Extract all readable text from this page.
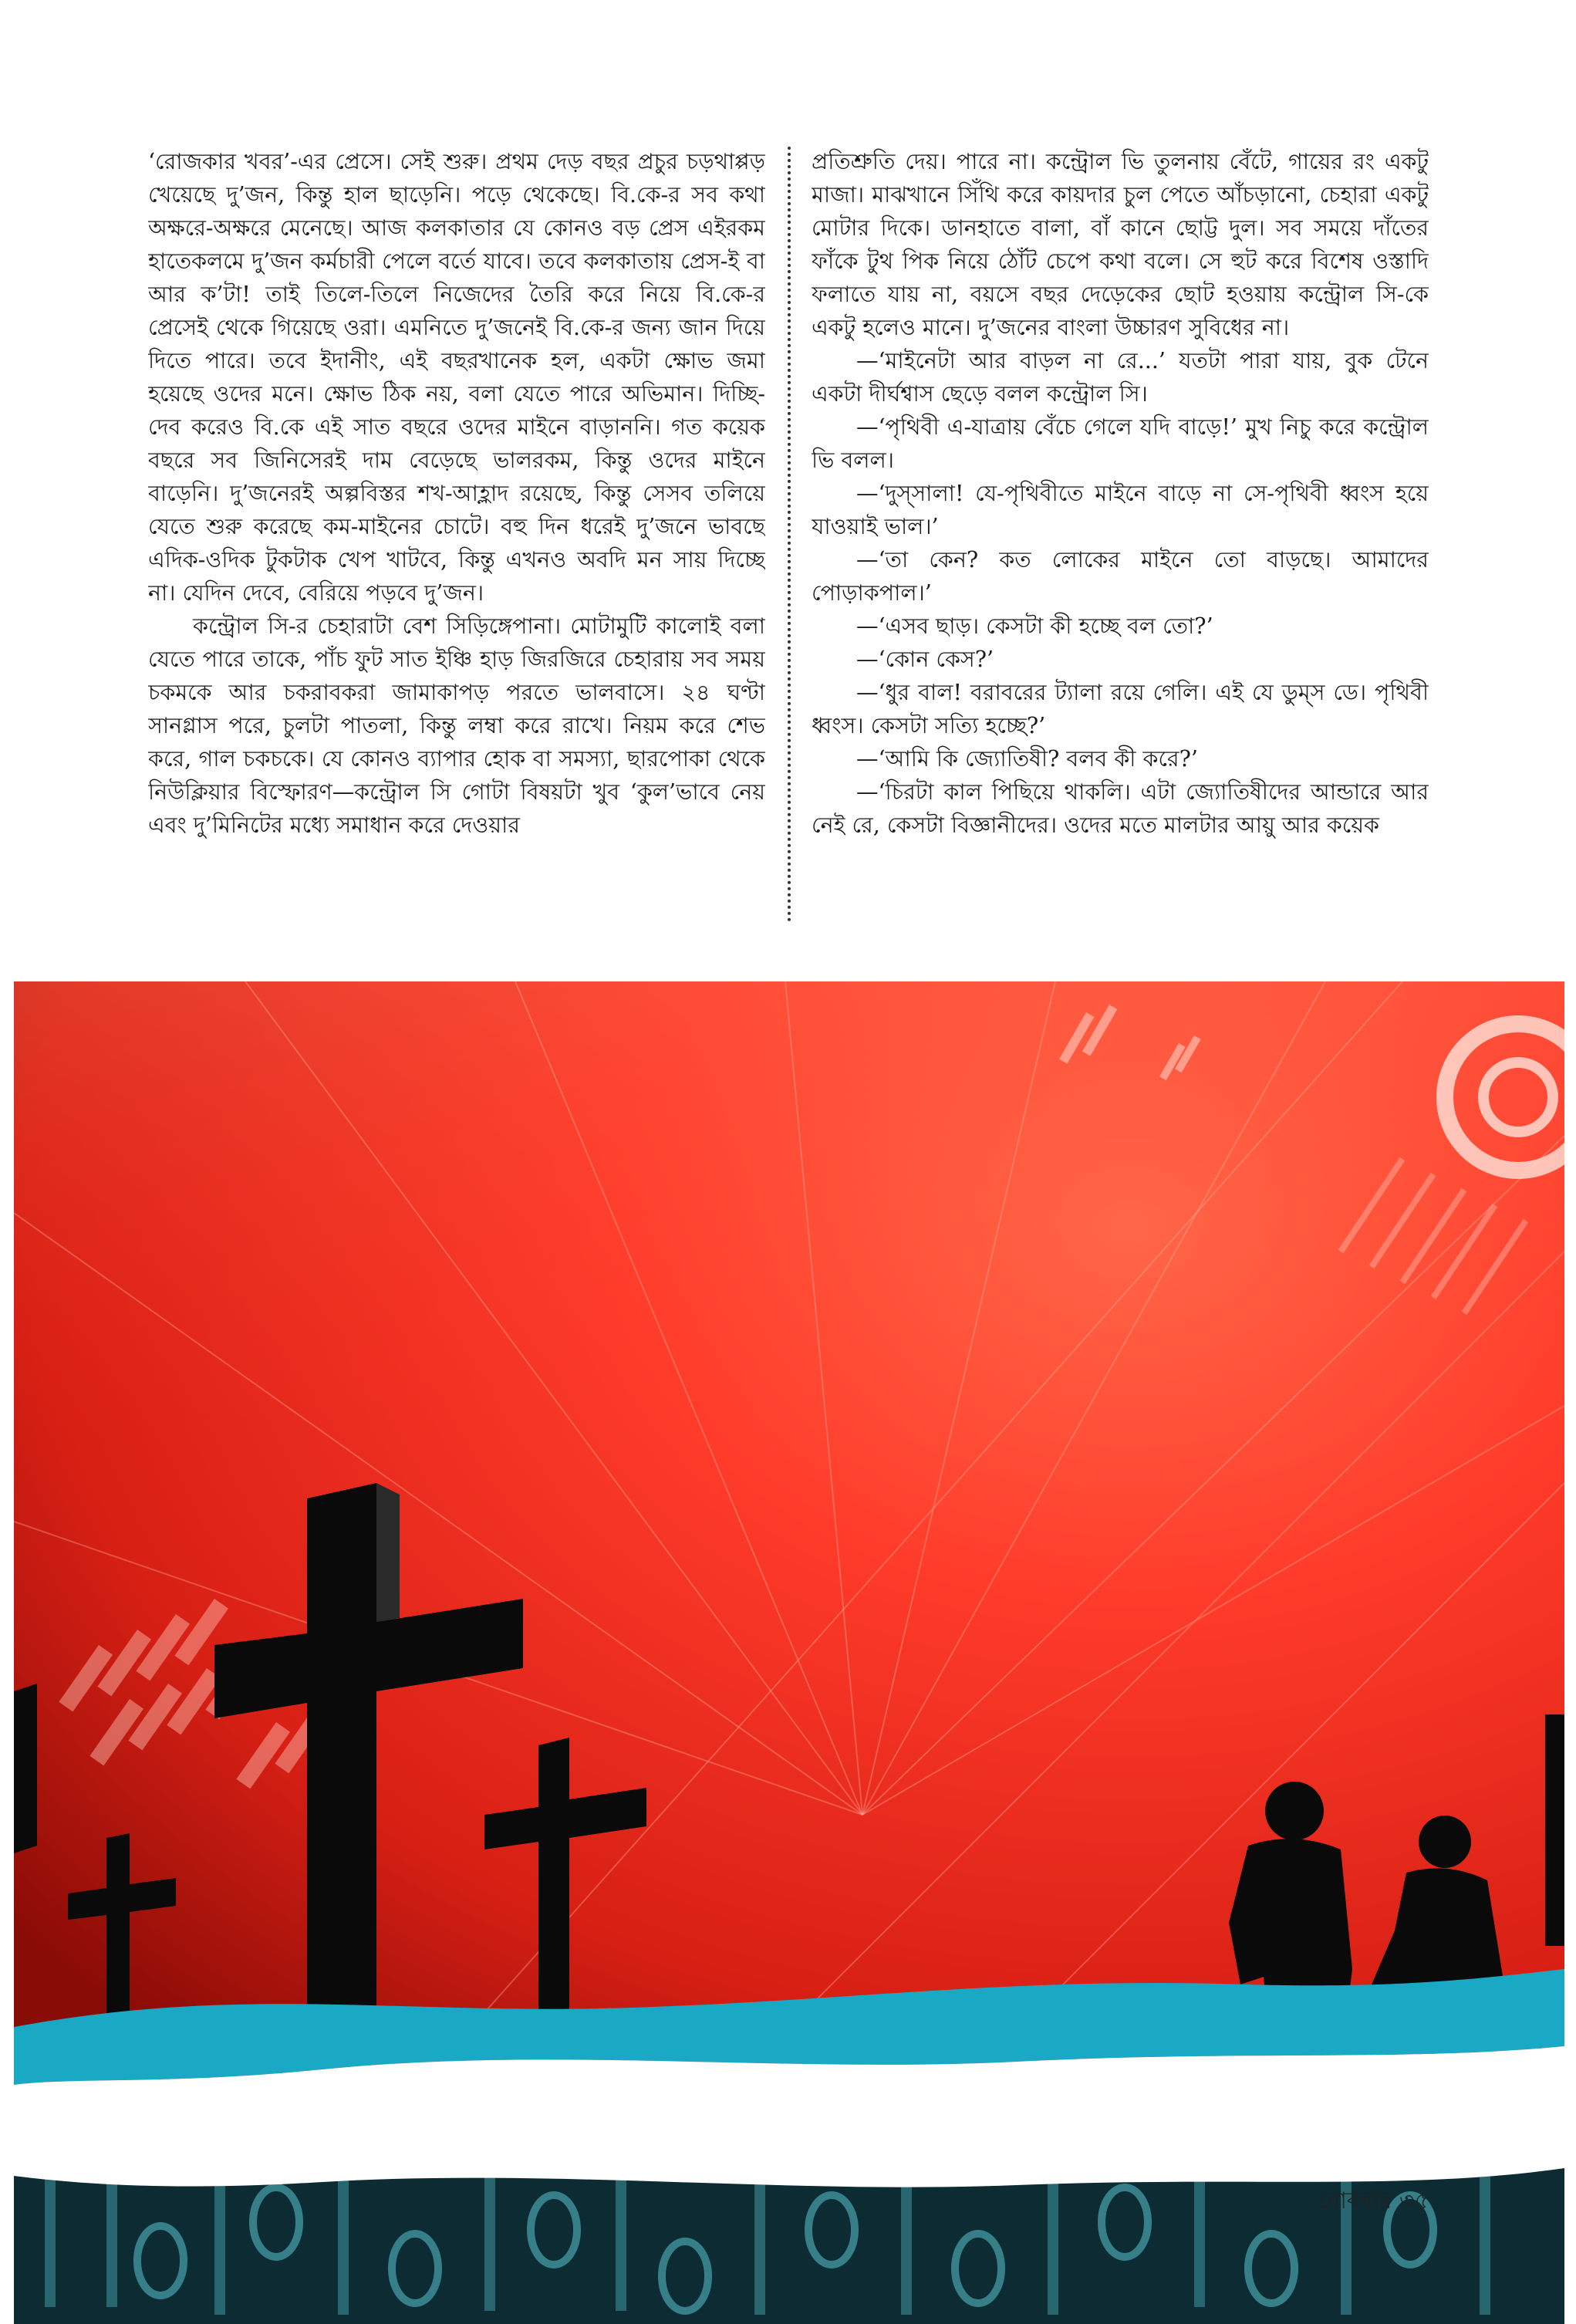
‘রোজকার খবর’-এর প্রেসে। সেই শুরু। প্রথম দেড় বছর প্রচুর চড়থাপ্পড় খেয়েছে দু’জন, কিন্তু হাল ছাড়েনি। পড়ে থেকেছে। বি.কে-র সব কথা অক্ষরে-অক্ষরে মেনেছে। আজ কলকাতার যে কোনও বড় প্রেস এইরকম হাতেকলমে দু’জন কর্মচারী পেলে বর্তে যাবে। তবে কলকাতায় প্রেস-ই বা আর ক’টা! তাই তিলে-তিলে নিজেদের তৈরি করে নিয়ে বি.কে-র প্রেসেই থেকে গিয়েছে ওরা। এমনিতে দু’জনেই বি.কে-র জন্য জান দিয়ে দিতে পারে। তবে ইদানীং, এই বছরখানেক হল, একটা ক্ষোভ জমা হয়েছে ওদের মনে। ক্ষোভ ঠিক নয়, বলা যেতে পারে অভিমান। দিচ্ছি-দেব করেও বি.কে এই সাত বছরে ওদের মাইনে বাড়াননি। গত কয়েক বছরে সব জিনিসেরই দাম বেড়েছে ভালরকম, কিন্তু ওদের মাইনে বাড়েনি। দু’জনেরই অল্পবিস্তর শখ-আহ্লাদ রয়েছে, কিন্তু সেসব তলিয়ে যেতে শুরু করেছে কম-মাইনের চোটে। বহু দিন ধরেই দু’জনে ভাবছে এদিক-ওদিক টুকটাক খেপ খাটবে, কিন্তু এখনও অবদি মন সায় দিচ্ছে না। যেদিন দেবে, বেরিয়ে পড়বে দু’জন।

কন্ট্রোল সি-র চেহারাটা বেশ সিড়িঙ্গেপানা। মোটামুটি কালোই বলা যেতে পারে তাকে, পাঁচ ফুট সাত ইঞ্চি হাড় জিরজিরে চেহারায় সব সময় চকমকে আর চকরাবকরা জামাকাপড় পরতে ভালবাসে। ২৪ ঘণ্টা সানগ্লাস পরে, চুলটা পাতলা, কিন্তু লম্বা করে রাখে। নিয়ম করে শেভ করে, গাল চকচকে। যে কোনও ব্যাপার হোক বা সমস্যা, ছারপোকা থেকে নিউক্লিয়ার বিস্ফোরণ—কন্ট্রোল সি গোটা বিষয়টা খুব ‘কুল’ভাবে নেয় এবং দু’মিনিটের মধ্যে সমাধান করে দেওয়ার

প্রতিশ্রুতি দেয়। পারে না। কন্ট্রোল ভি তুলনায় বেঁটে, গায়ের রং একটু মাজা। মাঝখানে সিঁথি করে কায়দার চুল পেতে আঁচড়ানো, চেহারা একটু মোটার দিকে। ডানহাতে বালা, বাঁ কানে ছোট্ট দুল। সব সময়ে দাঁতের ফাঁকে টুথ পিক নিয়ে ঠোঁট চেপে কথা বলে। সে হুট করে বিশেষ ওস্তাদি ফলাতে যায় না, বয়সে বছর দেড়েকের ছোট হওয়ায় কন্ট্রোল সি-কে একটু হলেও মানে। দু’জনের বাংলা উচ্চারণ সুবিধের না।

—‘মাইনেটা আর বাড়ল না রে...’ যতটা পারা যায়, বুক টেনে একটা দীর্ঘশ্বাস ছেড়ে বলল কন্ট্রোল সি।

—‘পৃথিবী এ-যাত্রায় বেঁচে গেলে যদি বাড়ে!’ মুখ নিচু করে কন্ট্রোল ভি বলল।

—‘দুস্‌সালা! যে-পৃথিবীতে মাইনে বাড়ে না সে-পৃথিবী ধ্বংস হয়ে যাওয়াই ভাল।’

—‘তা কেন? কত লোকের মাইনে তো বাড়ছে। আমাদের পোড়াকপাল।’

—‘এসব ছাড়। কেসটা কী হচ্ছে বল তো?’

—‘কোন কেস?’

—‘ধুর বাল! বরাবরের ট্যালা রয়ে গেলি। এই যে ডুম্‌স ডে। পৃথিবী ধ্বংস। কেসটা সত্যি হচ্ছে?’

—‘আমি কি জ্যোতিষী? বলব কী করে?’

—‘চিরটা কাল পিছিয়ে থাকলি। এটা জ্যোতিষীদের আন্ডারে আর নেই রে, কেসটা বিজ্ঞানীদের। ওদের মতে মালটার আয়ু আর কয়েক

রোববার ৩৫
